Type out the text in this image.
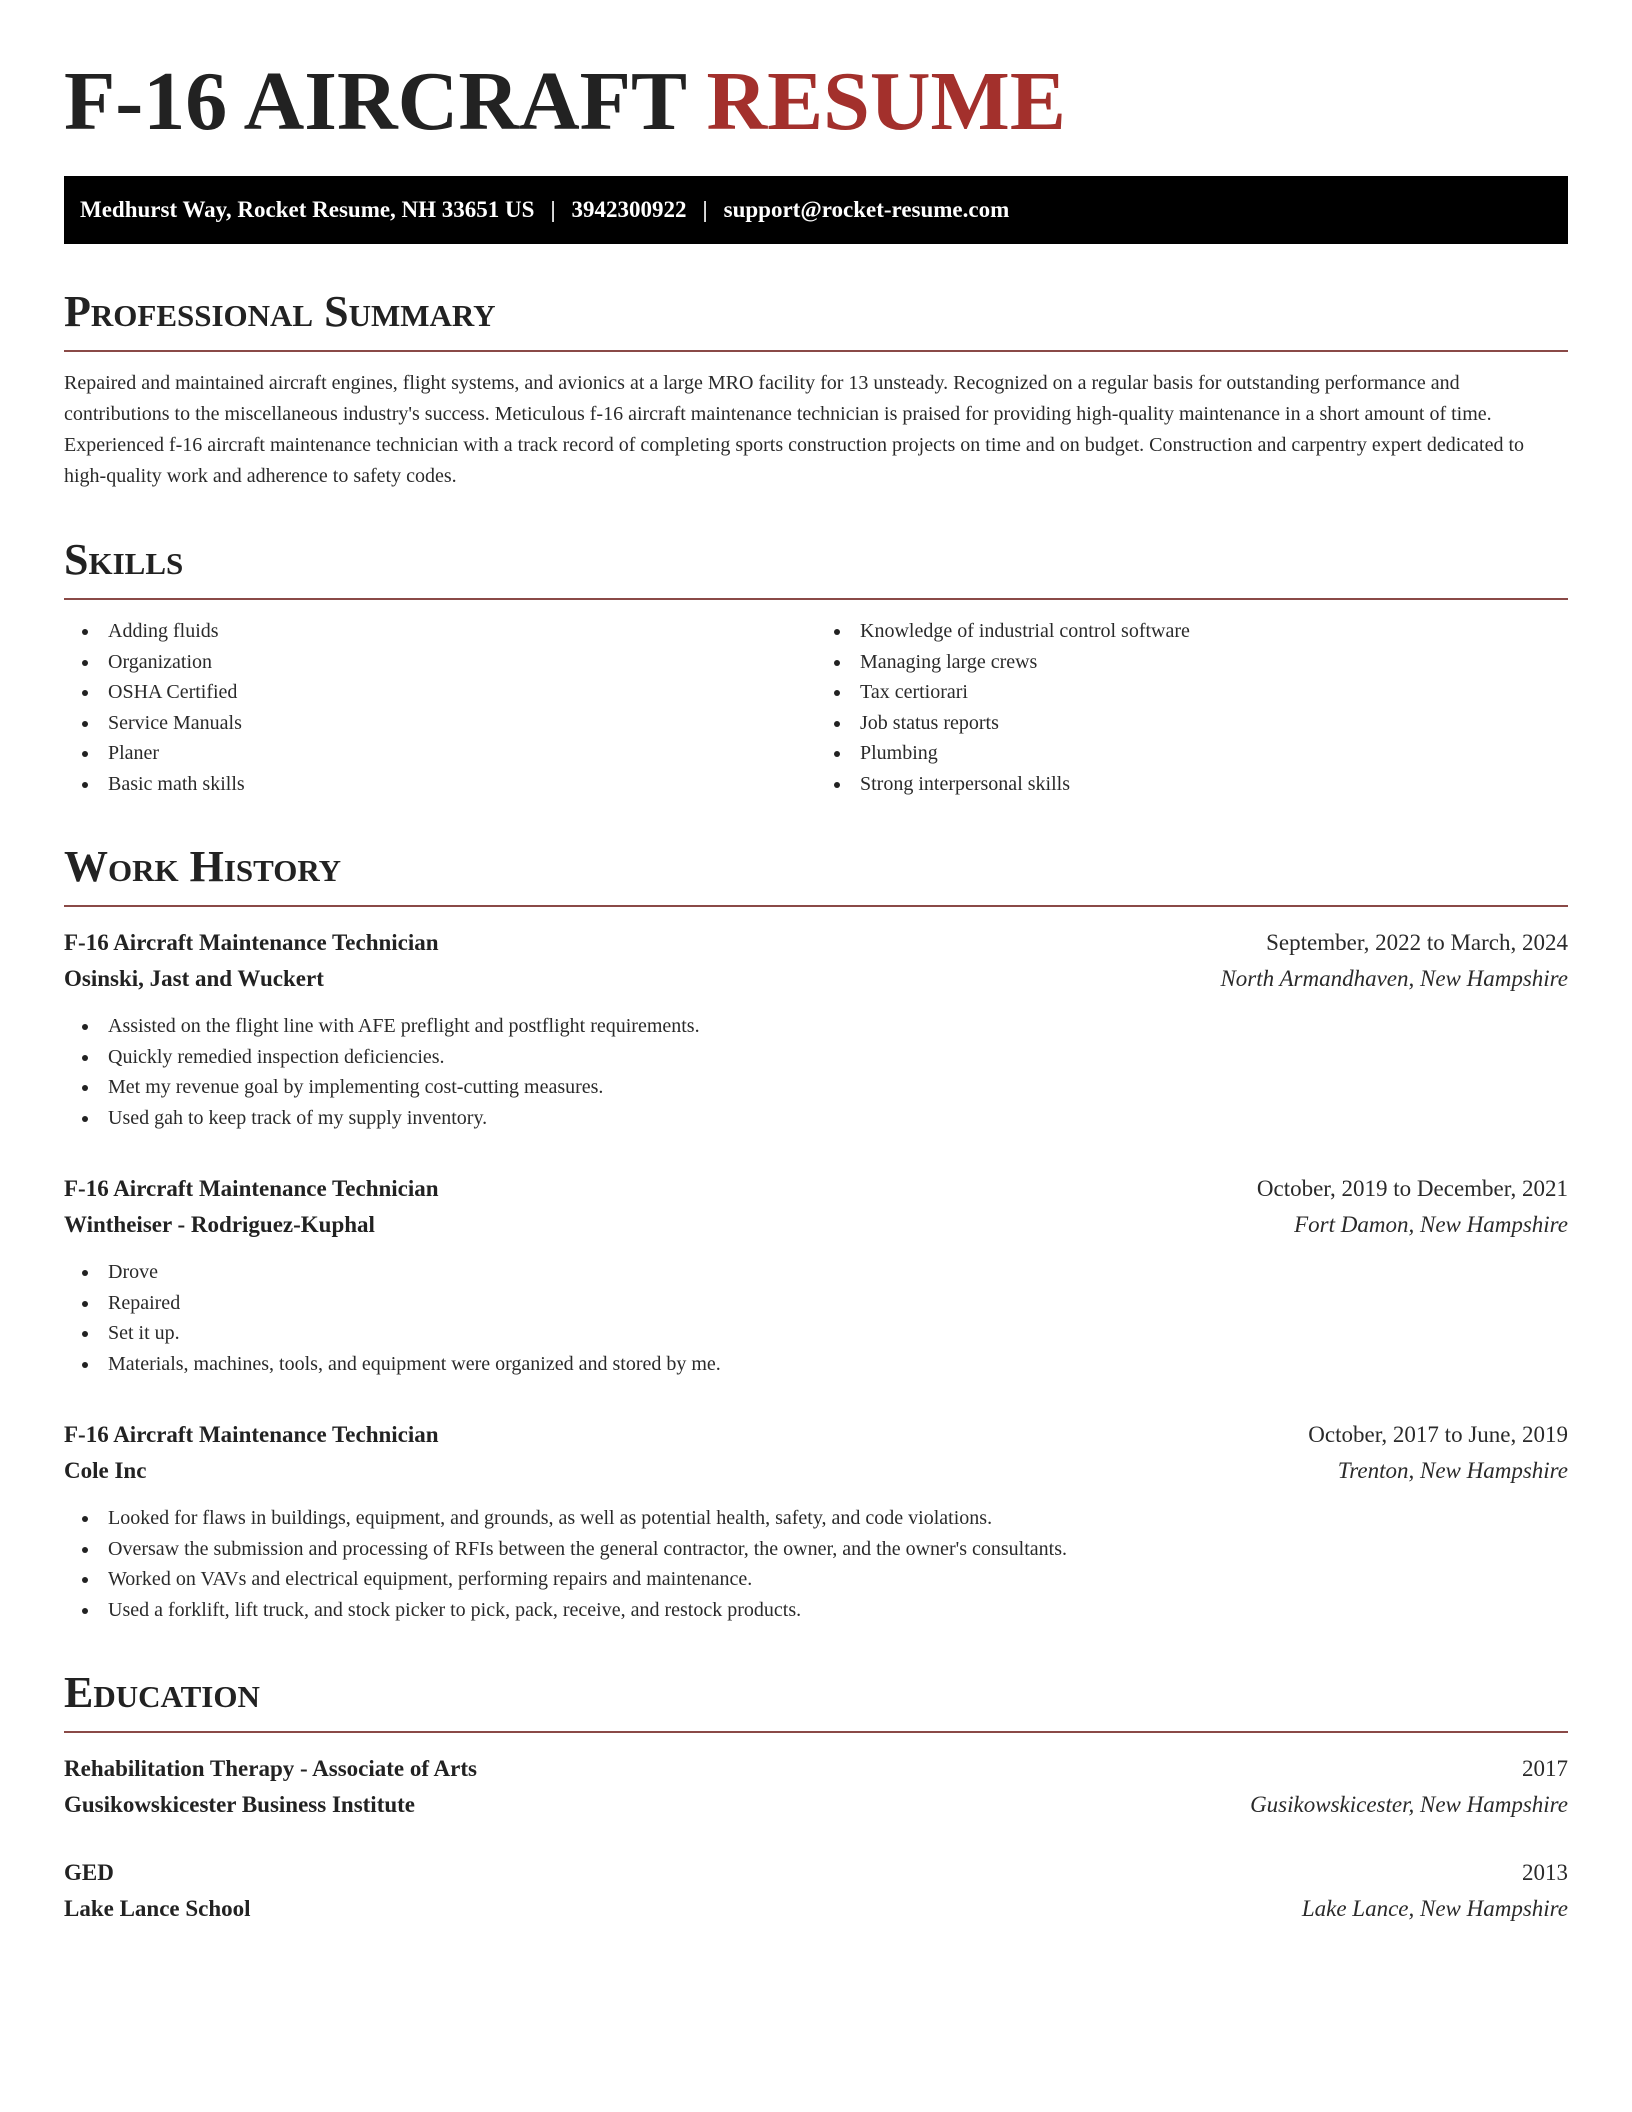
F-16 AIRCRAFT RESUME
Medhurst Way, Rocket Resume, NH 33651 US | 3942300922 | support@rocket-resume.com
Professional Summary

Repaired and maintained aircraft engines, flight systems, and avionics at a large MRO facility for 13 unsteady. Recognized on a regular basis for outstanding performance and contributions to the miscellaneous industry's success. Meticulous f-16 aircraft maintenance technician is praised for providing high-quality maintenance in a short amount of time. Experienced f-16 aircraft maintenance technician with a track record of completing sports construction projects on time and on budget. Construction and carpentry expert dedicated to high-quality work and adherence to safety codes.

Skills
Adding fluids
Organization
OSHA Certified
Service Manuals
Planer
Basic math skills
Knowledge of industrial control software
Managing large crews
Tax certiorari
Job status reports
Plumbing
Strong interpersonal skills
Work History
F-16 Aircraft Maintenance Technician	September, 2022 to March, 2024
Osinski, Jast and Wuckert	North Armandhaven, New Hampshire
Assisted on the flight line with AFE preflight and postflight requirements.
Quickly remedied inspection deficiencies.
Met my revenue goal by implementing cost-cutting measures.
Used gah to keep track of my supply inventory.
F-16 Aircraft Maintenance Technician	October, 2019 to December, 2021
Wintheiser - Rodriguez-Kuphal	Fort Damon, New Hampshire
Drove
Repaired
Set it up.
Materials, machines, tools, and equipment were organized and stored by me.
F-16 Aircraft Maintenance Technician	October, 2017 to June, 2019
Cole Inc	Trenton, New Hampshire
Looked for flaws in buildings, equipment, and grounds, as well as potential health, safety, and code violations.
Oversaw the submission and processing of RFIs between the general contractor, the owner, and the owner's consultants.
Worked on VAVs and electrical equipment, performing repairs and maintenance.
Used a forklift, lift truck, and stock picker to pick, pack, receive, and restock products.
Education
Rehabilitation Therapy - Associate of Arts	2017
Gusikowskicester Business Institute	Gusikowskicester, New Hampshire
GED	2013
Lake Lance School	Lake Lance, New Hampshire
